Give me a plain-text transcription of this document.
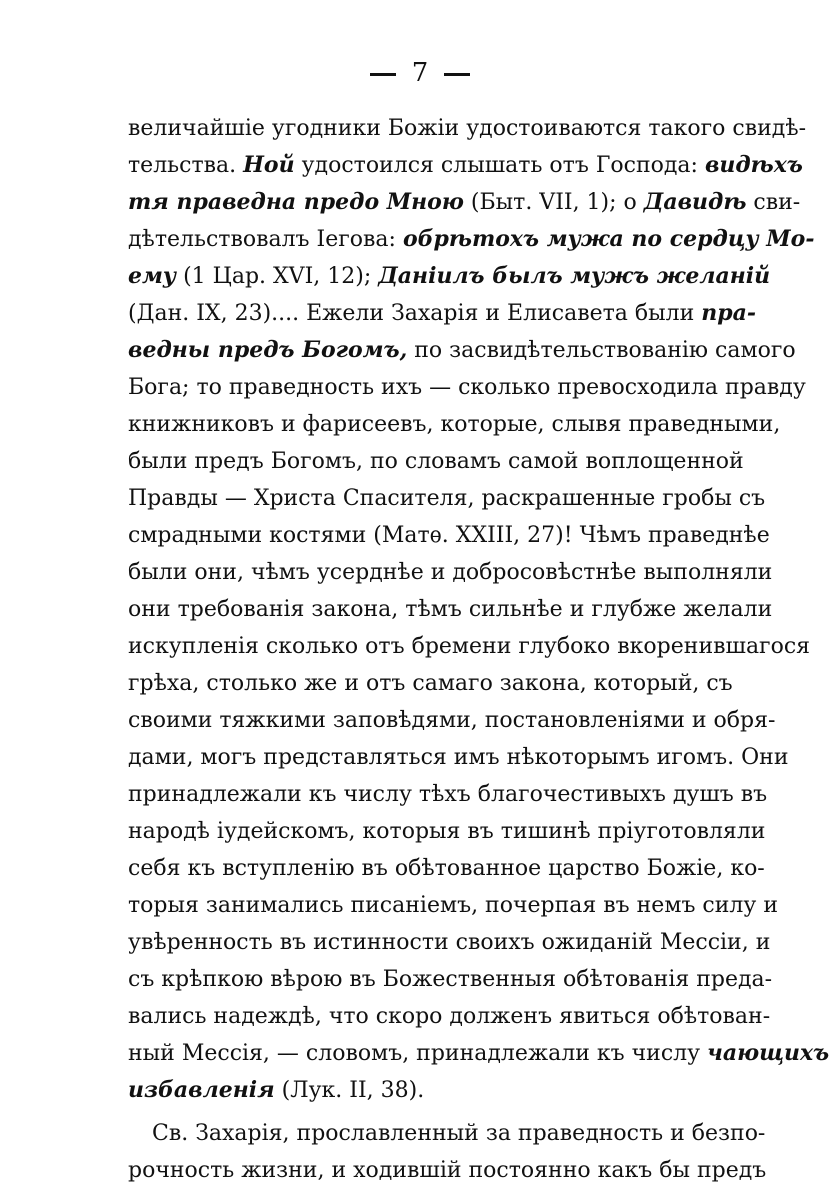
7
величайшіе угодники Божіи удостоиваются такого свидѣ-
тельства. Ной удостоился слышать отъ Господа: видѣхъ
тя праведна предо Мною (Быт. VII, 1); о Давидѣ сви-
дѣтельствовалъ Іегова: обрѣтохъ мужа по сердцу Мо-
ему (1 Цар. XVI, 12); Даніилъ былъ мужъ желаній
(Дан. IX, 23).... Ежели Захарія и Елисавета были пра-
ведны предъ Богомъ, по засвидѣтельствованію самого
Бога; то праведность ихъ — сколько превосходила правду
книжниковъ и фарисеевъ, которые, слывя праведными,
были предъ Богомъ, по словамъ самой воплощенной
Правды — Христа Спасителя, раскрашенные гробы съ
смрадными костями (Матѳ. XXIII, 27)! Чѣмъ праведнѣе
были они, чѣмъ усерднѣе и добросовѣстнѣе выполняли
они требованія закона, тѣмъ сильнѣе и глубже желали
искупленія сколько отъ бремени глубоко вкоренившагося
грѣха, столько же и отъ самаго закона, который, съ
своими тяжкими заповѣдями, постановленіями и обря-
дами, могъ представляться имъ нѣкоторымъ игомъ. Они
принадлежали къ числу тѣхъ благочестивыхъ душъ въ
народѣ іудейскомъ, которыя въ тишинѣ пріуготовляли
себя къ вступленію въ обѣтованное царство Божіе, ко-
торыя занимались писаніемъ, почерпая въ немъ силу и
увѣренность въ истинности своихъ ожиданій Мессіи, и
съ крѣпкою вѣрою въ Божественныя обѣтованія преда-
вались надеждѣ, что скоро долженъ явиться обѣтован-
ный Мессія, — словомъ, принадлежали къ числу чающихъ
избавленія (Лук. II, 38).
Св. Захарія, прославленный за праведность и безпо-
рочность жизни, и ходившій постоянно какъ бы предъ
